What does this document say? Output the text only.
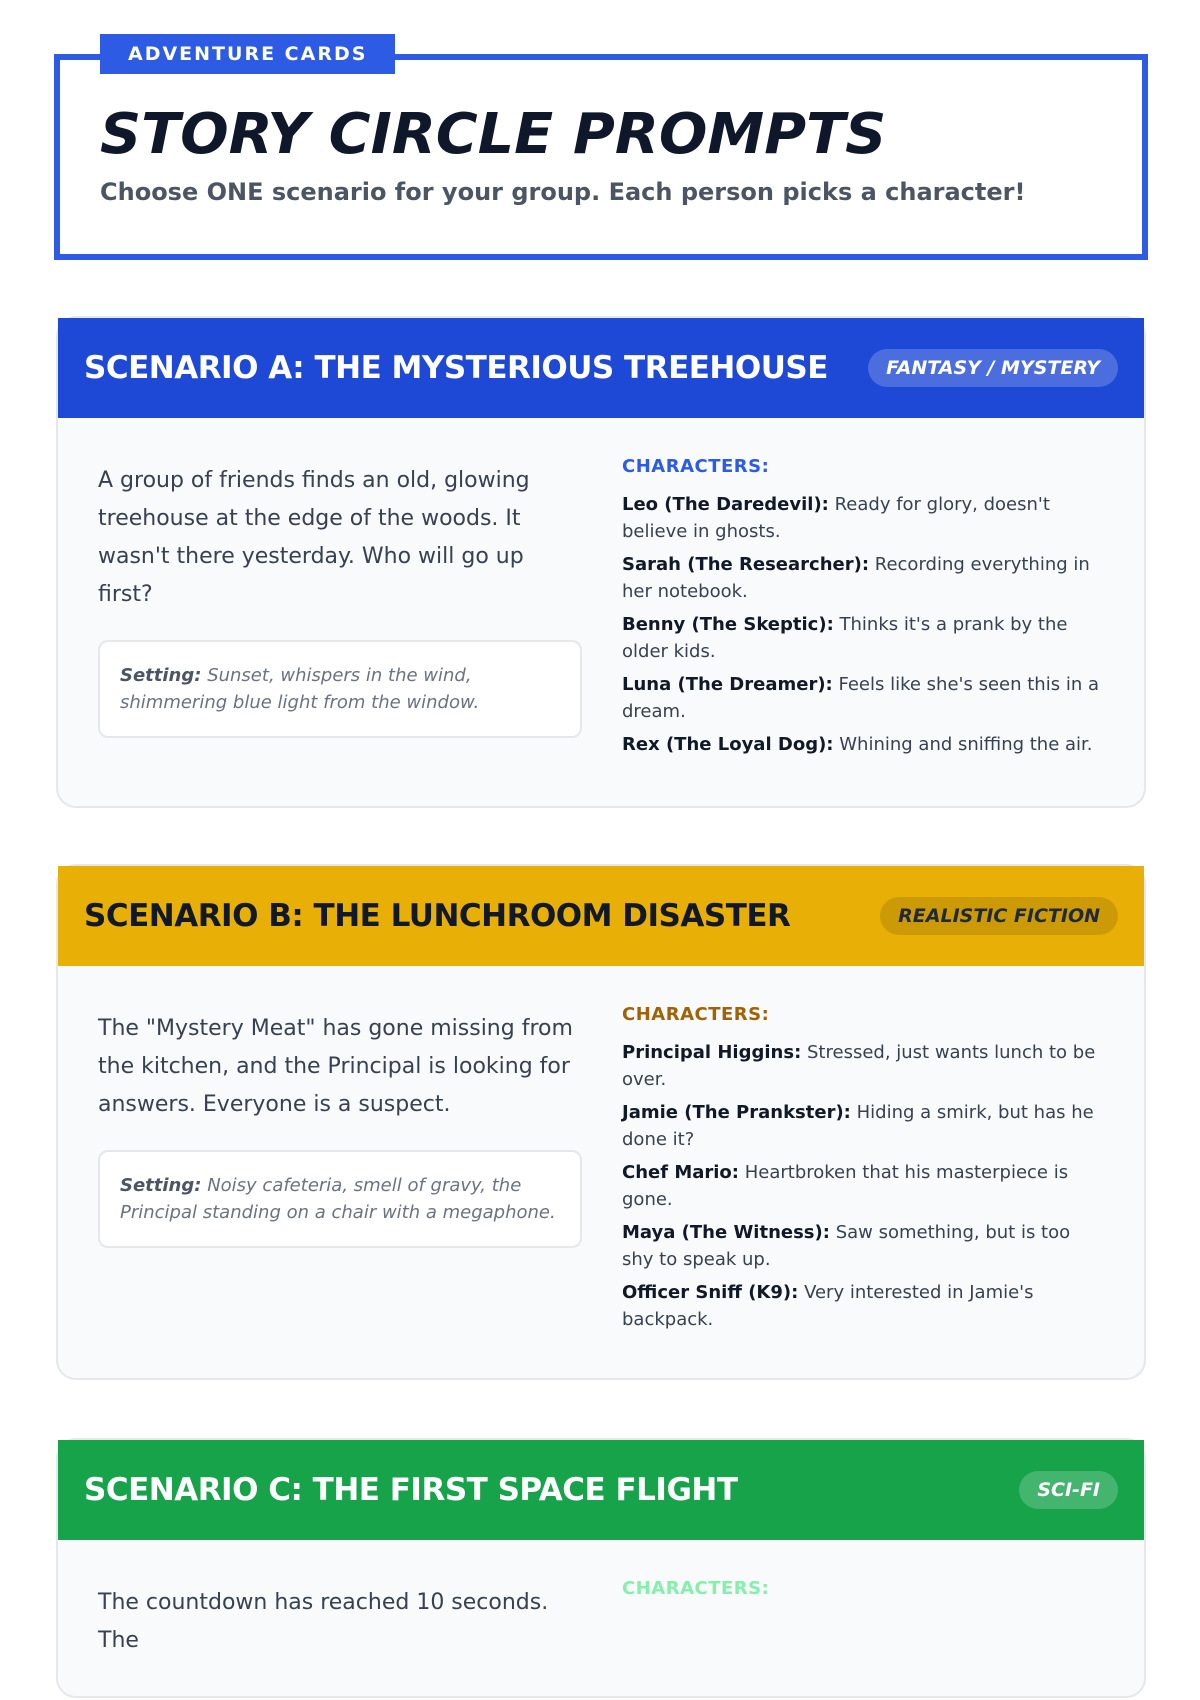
ADVENTURE CARDS
STORY CIRCLE PROMPTS
Choose ONE scenario for your group. Each person picks a character!
SCENARIO A: THE MYSTERIOUS TREEHOUSE	FANTASY / MYSTERY

A group of friends finds an old, glowing treehouse at the edge of the woods. It wasn't there yesterday. Who will go up first?

Setting: Sunset, whispers in the wind, shimmering blue light from the window.
CHARACTERS:
Leo (The Daredevil): Ready for glory, doesn't believe in ghosts.
Sarah (The Researcher): Recording everything in her notebook.
Benny (The Skeptic): Thinks it's a prank by the older kids.
Luna (The Dreamer): Feels like she's seen this in a dream.
Rex (The Loyal Dog): Whining and sniffing the air.
SCENARIO B: THE LUNCHROOM DISASTER	REALISTIC FICTION

The "Mystery Meat" has gone missing from the kitchen, and the Principal is looking for answers. Everyone is a suspect.

Setting: Noisy cafeteria, smell of gravy, the Principal standing on a chair with a megaphone.
CHARACTERS:
Principal Higgins: Stressed, just wants lunch to be over.
Jamie (The Prankster): Hiding a smirk, but has he done it?
Chef Mario: Heartbroken that his masterpiece is gone.
Maya (The Witness): Saw something, but is too shy to speak up.
Officer Sniff (K9): Very interested in Jamie's backpack.
SCENARIO C: THE FIRST SPACE FLIGHT	SCI-FI

The countdown has reached 10 seconds. The

CHARACTERS:
